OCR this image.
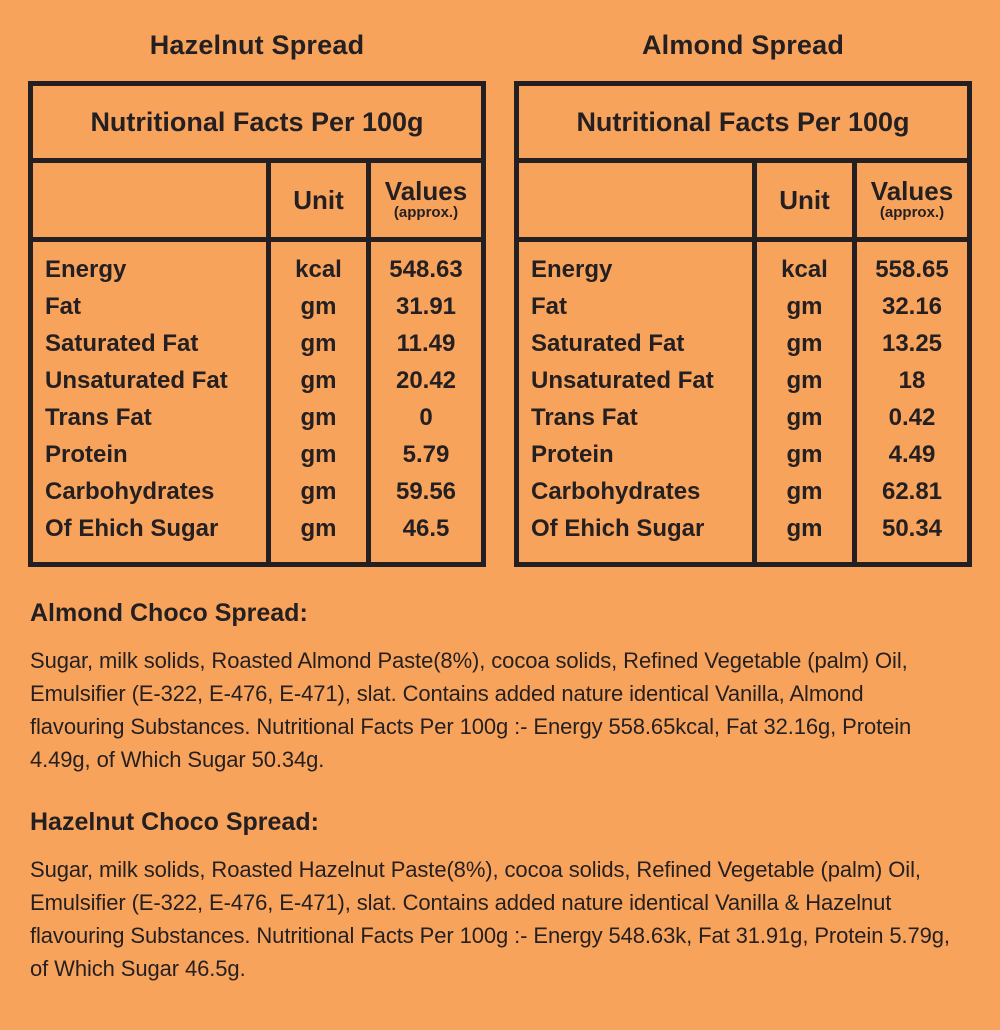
Hazelnut Spread
Nutritional Facts Per 100g
Unit	Values
(approx.)
Energy
Fat
Saturated Fat
Unsaturated Fat
Trans Fat
Protein
Carbohydrates
Of Ehich Sugar
kcal
gm
gm
gm
gm
gm
gm
gm
548.63
31.91
11.49
20.42
0
5.79
59.56
46.5
Almond Spread
Nutritional Facts Per 100g
Unit	Values
(approx.)
Energy
Fat
Saturated Fat
Unsaturated Fat
Trans Fat
Protein
Carbohydrates
Of Ehich Sugar
kcal
gm
gm
gm
gm
gm
gm
gm
558.65
32.16
13.25
18
0.42
4.49
62.81
50.34

Almond Choco Spread:

Sugar, milk solids, Roasted Almond Paste(8%), cocoa solids, Refined Vegetable (palm) Oil, Emulsifier (E-322, E-476, E-471), slat. Contains added nature identical Vanilla, Almond flavouring Substances. Nutritional Facts Per 100g :- Energy 558.65kcal, Fat 32.16g, Protein 4.49g, of Which Sugar 50.34g.

Hazelnut Choco Spread:

Sugar, milk solids, Roasted Hazelnut Paste(8%), cocoa solids, Refined Vegetable (palm) Oil, Emulsifier (E-322, E-476, E-471), slat. Contains added nature identical Vanilla & Hazelnut flavouring Substances. Nutritional Facts Per 100g :- Energy 548.63k, Fat 31.91g, Protein 5.79g, of Which Sugar 46.5g.
